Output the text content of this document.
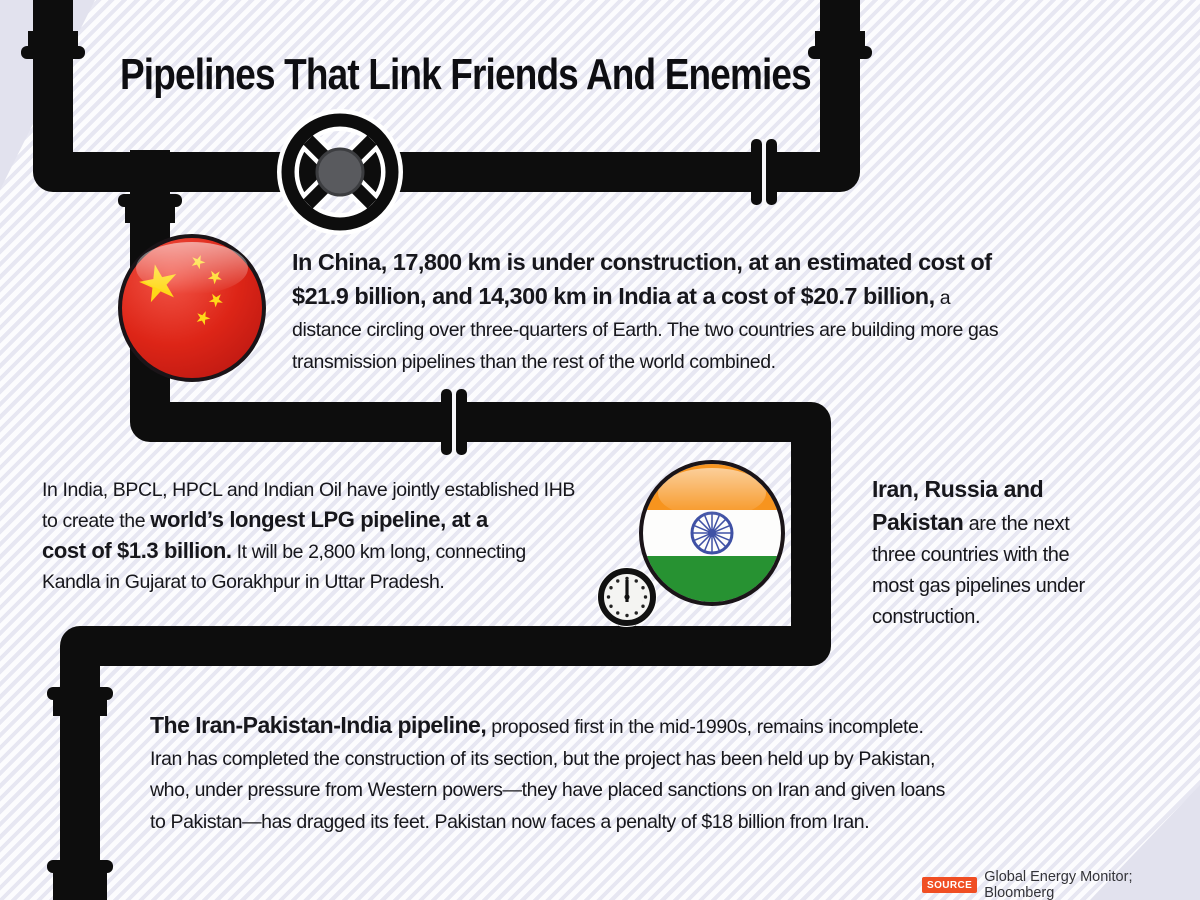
Pipelines That Link Friends And Enemies
In China, 17,800 km is under construction, at an estimated cost of
$21.9 billion, and 14,300 km in India at a cost of $20.7 billion, a
distance circling over three-quarters of Earth. The two countries are building more gas
transmission pipelines than the rest of the world combined.
In India, BPCL, HPCL and Indian Oil have jointly established IHB
to create the world’s longest LPG pipeline, at a
cost of $1.3 billion. It will be 2,800 km long, connecting
Kandla in Gujarat to Gorakhpur in Uttar Pradesh.
Iran, Russia and
Pakistan are the next
three countries with the
most gas pipelines under
construction.
The Iran-Pakistan-India pipeline, proposed first in the mid-1990s, remains incomplete.
Iran has completed the construction of its section, but the project has been held up by Pakistan,
who, under pressure from Western powers—they have placed sanctions on Iran and given loans
to Pakistan—has dragged its feet. Pakistan now faces a penalty of $18 billion from Iran.
SOURCE Global Energy Monitor; Bloomberg
